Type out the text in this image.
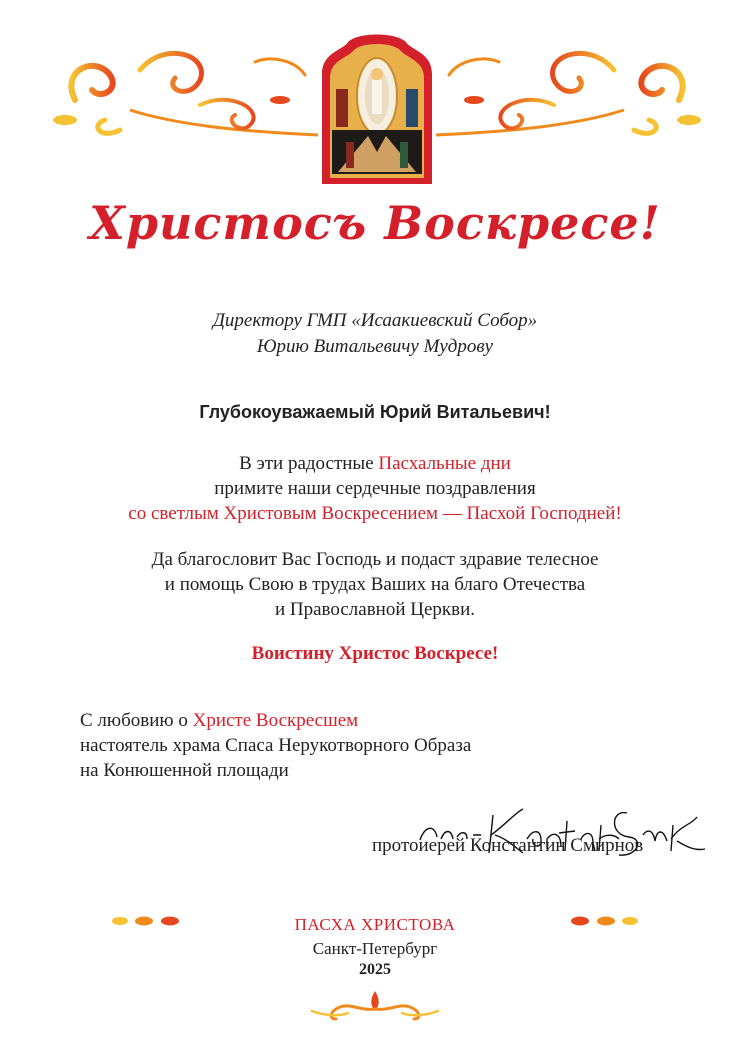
Христосъ Воскресе!
Директору ГМП «Исаакиевский Собор»
Юрию Витальевичу Мудрову
Глубокоуважаемый Юрий Витальевич!
В эти радостные Пасхальные дни
примите наши сердечные поздравления
со светлым Христовым Воскресением — Пасхой Господней!
Да благословит Вас Господь и подаст здравие телесное
и помощь Свою в трудах Ваших на благо Отечества
и Православной Церкви.
Воистину Христос Воскресе!
С любовию о Христе Воскресшем
настоятель храма Спаса Нерукотворного Образа
на Конюшенной площади
протоиерей Константин Смирнов
ПАСХА ХРИСТОВА
Санкт-Петербург
2025
